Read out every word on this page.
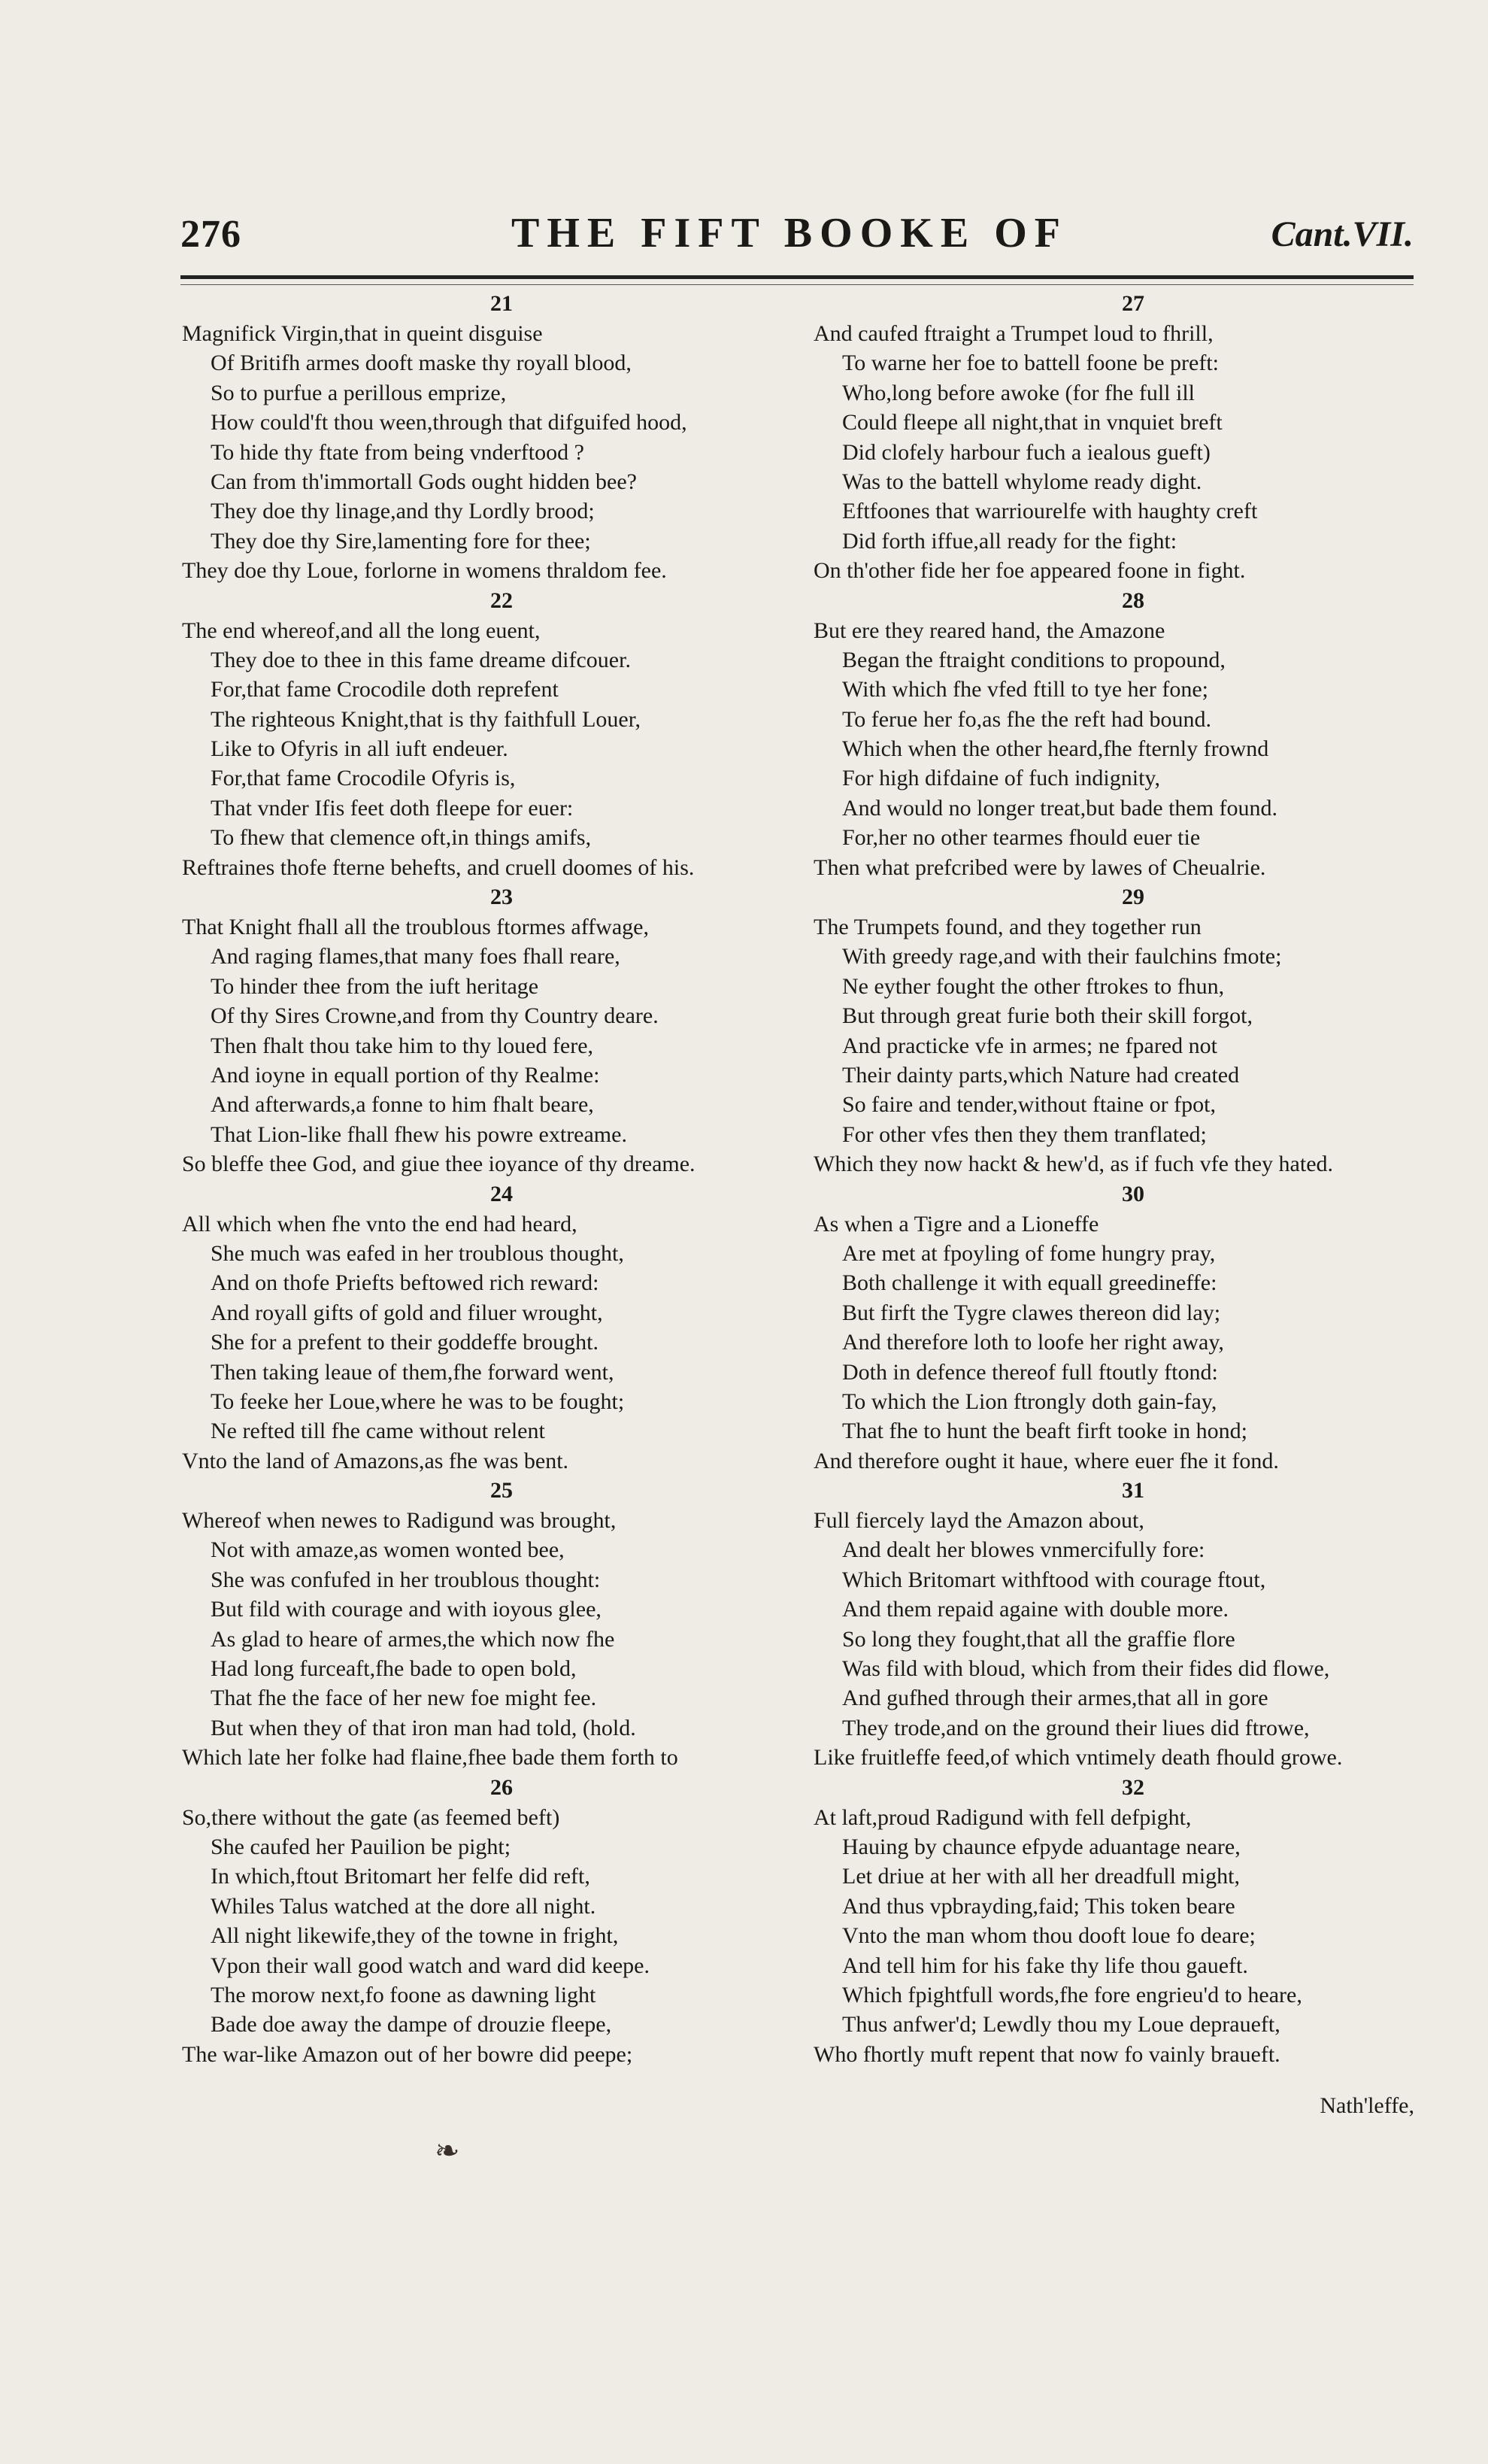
276	THE FIFT BOOKE OF	Cant.VII.
21
Magnifick Virgin,that in queint disguise
Of Britifh armes dooft maske thy royall blood,
So to purfue a perillous emprize,
How could'ft thou ween,through that difguifed hood,
To hide thy ftate from being vnderftood ?
Can from th'immortall Gods ought hidden bee?
They doe thy linage,and thy Lordly brood;
They doe thy Sire,lamenting fore for thee;
They doe thy Loue, forlorne in womens thraldom fee.
22
The end whereof,and all the long euent,
They doe to thee in this fame dreame difcouer.
For,that fame Crocodile doth reprefent
The righteous Knight,that is thy faithfull Louer,
Like to Ofyris in all iuft endeuer.
For,that fame Crocodile Ofyris is,
That vnder Ifis feet doth fleepe for euer:
To fhew that clemence oft,in things amifs,
Reftraines thofe fterne behefts, and cruell doomes of his.
23
That Knight fhall all the troublous ftormes affwage,
And raging flames,that many foes fhall reare,
To hinder thee from the iuft heritage
Of thy Sires Crowne,and from thy Country deare.
Then fhalt thou take him to thy loued fere,
And ioyne in equall portion of thy Realme:
And afterwards,a fonne to him fhalt beare,
That Lion-like fhall fhew his powre extreame.
So bleffe thee God, and giue thee ioyance of thy dreame.
24
All which when fhe vnto the end had heard,
She much was eafed in her troublous thought,
And on thofe Priefts beftowed rich reward:
And royall gifts of gold and filuer wrought,
She for a prefent to their goddeffe brought.
Then taking leaue of them,fhe forward went,
To feeke her Loue,where he was to be fought;
Ne refted till fhe came without relent
Vnto the land of Amazons,as fhe was bent.
25
Whereof when newes to Radigund was brought,
Not with amaze,as women wonted bee,
She was confufed in her troublous thought:
But fild with courage and with ioyous glee,
As glad to heare of armes,the which now fhe
Had long furceaft,fhe bade to open bold,
That fhe the face of her new foe might fee.
But when they of that iron man had told, (hold.
Which late her folke had flaine,fhee bade them forth to
26
So,there without the gate (as feemed beft)
She caufed her Pauilion be pight;
In which,ftout Britomart her felfe did reft,
Whiles Talus watched at the dore all night.
All night likewife,they of the towne in fright,
Vpon their wall good watch and ward did keepe.
The morow next,fo foone as dawning light
Bade doe away the dampe of drouzie fleepe,
The war-like Amazon out of her bowre did peepe;
27
And caufed ftraight a Trumpet loud to fhrill,
To warne her foe to battell foone be preft:
Who,long before awoke (for fhe full ill
Could fleepe all night,that in vnquiet breft
Did clofely harbour fuch a iealous gueft)
Was to the battell whylome ready dight.
Eftfoones that warriourelfe with haughty creft
Did forth iffue,all ready for the fight:
On th'other fide her foe appeared foone in fight.
28
But ere they reared hand, the Amazone
Began the ftraight conditions to propound,
With which fhe vfed ftill to tye her fone;
To ferue her fo,as fhe the reft had bound.
Which when the other heard,fhe fternly frownd
For high difdaine of fuch indignity,
And would no longer treat,but bade them found.
For,her no other tearmes fhould euer tie
Then what prefcribed were by lawes of Cheualrie.
29
The Trumpets found, and they together run
With greedy rage,and with their faulchins fmote;
Ne eyther fought the other ftrokes to fhun,
But through great furie both their skill forgot,
And practicke vfe in armes; ne fpared not
Their dainty parts,which Nature had created
So faire and tender,without ftaine or fpot,
For other vfes then they them tranflated;
Which they now hackt & hew'd, as if fuch vfe they hated.
30
As when a Tigre and a Lioneffe
Are met at fpoyling of fome hungry pray,
Both challenge it with equall greedineffe:
But firft the Tygre clawes thereon did lay;
And therefore loth to loofe her right away,
Doth in defence thereof full ftoutly ftond:
To which the Lion ftrongly doth gain-fay,
That fhe to hunt the beaft firft tooke in hond;
And therefore ought it haue, where euer fhe it fond.
31
Full fiercely layd the Amazon about,
And dealt her blowes vnmercifully fore:
Which Britomart withftood with courage ftout,
And them repaid againe with double more.
So long they fought,that all the graffie flore
Was fild with bloud, which from their fides did flowe,
And gufhed through their armes,that all in gore
They trode,and on the ground their liues did ftrowe,
Like fruitleffe feed,of which vntimely death fhould growe.
32
At laft,proud Radigund with fell defpight,
Hauing by chaunce efpyde aduantage neare,
Let driue at her with all her dreadfull might,
And thus vpbrayding,faid; This token beare
Vnto the man whom thou dooft loue fo deare;
And tell him for his fake thy life thou gaueft.
Which fpightfull words,fhe fore engrieu'd to heare,
Thus anfwer'd; Lewdly thou my Loue depraueft,
Who fhortly muft repent that now fo vainly braueft.
Nath'leffe,
❧
